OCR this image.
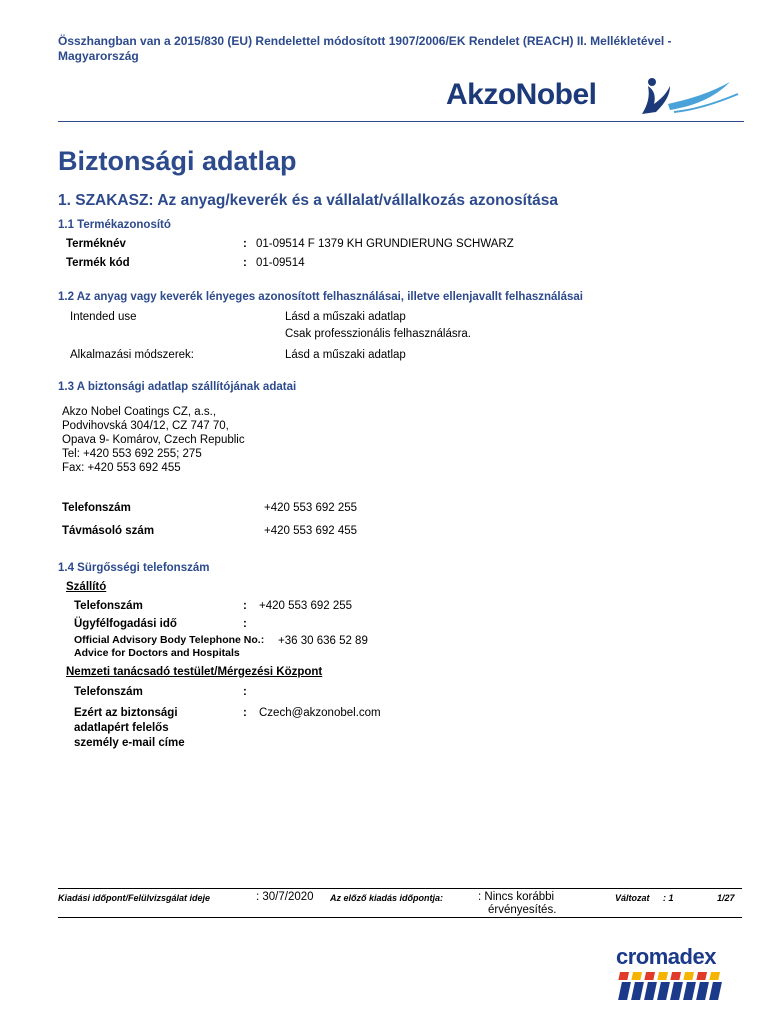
Összhangban van a 2015/830 (EU) Rendelettel módosított 1907/2006/EK Rendelet (REACH) II. Mellékletével - Magyarország
AkzoNobel
Biztonsági adatlap
1. SZAKASZ: Az anyag/keverék és a vállalat/vállalkozás azonosítása
1.1 Termékazonosító
Terméknév	: 01-09514 F 1379 KH GRUNDIERUNG SCHWARZ
Termék kód	: 01-09514
1.2 Az anyag vagy keverék lényeges azonosított felhasználásai, illetve ellenjavallt felhasználásai
Intended use	Lásd a műszaki adatlap
Csak professzionális felhasználásra.
Alkalmazási módszerek:	Lásd a műszaki adatlap
1.3 A biztonsági adatlap szállítójának adatai
Akzo Nobel Coatings CZ, a.s.,
Podvihovská 304/12, CZ 747 70,
Opava 9- Komárov, Czech Republic
Tel: +420 553 692 255; 275
Fax: +420 553 692 455
Telefonszám	+420 553 692 255
Távmásoló szám	+420 553 692 455
1.4 Sürgősségi telefonszám
Szállító
Telefonszám	: +420 553 692 255
Ügyfélfogadási idő	:
Official Advisory Body Telephone No.: +36 30 636 52 89
Advice for Doctors and Hospitals
Nemzeti tanácsadó testület/Mérgezési Központ
Telefonszám	:
Ezért az biztonsági
adatlapért felelős
személy e-mail címe
: Czech@akzonobel.com
Kiadási időpont/Felülvizsgálat ideje	: 30/7/2020 Az előző kiadás időpontja:	: Nincs korábbi
érvényesítés.
Változat : 1	1/27
cromadex
